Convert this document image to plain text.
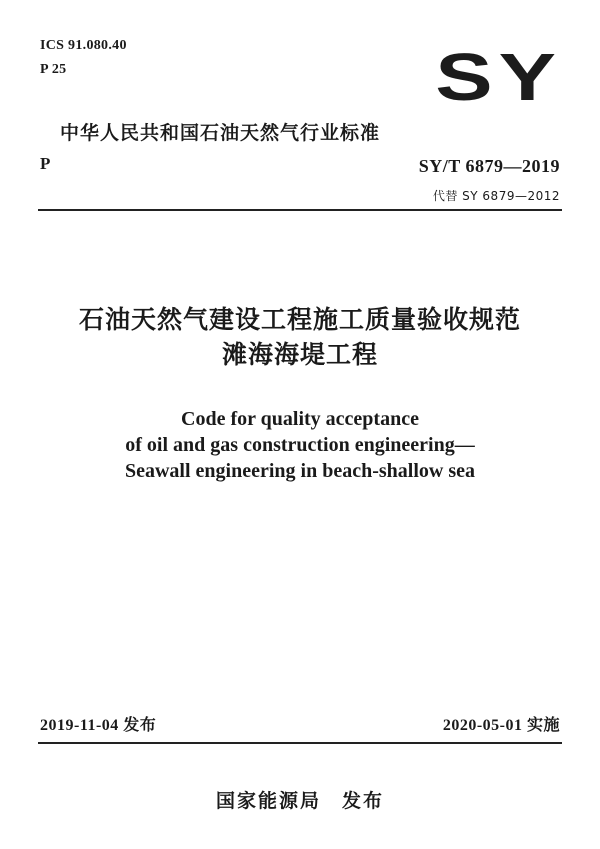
ICS 91.080.40
P 25	SY
中华人民共和国石油天然气行业标准
P	SY/T 6879—2019
代替 SY 6879—2012
石油天然气建设工程施工质量验收规范
滩海海堤工程
Code for quality acceptance
of oil and gas construction engineering—
Seawall engineering in beach-shallow sea
2019-11-04 发布	2020-05-01 实施
国家能源局　发布
